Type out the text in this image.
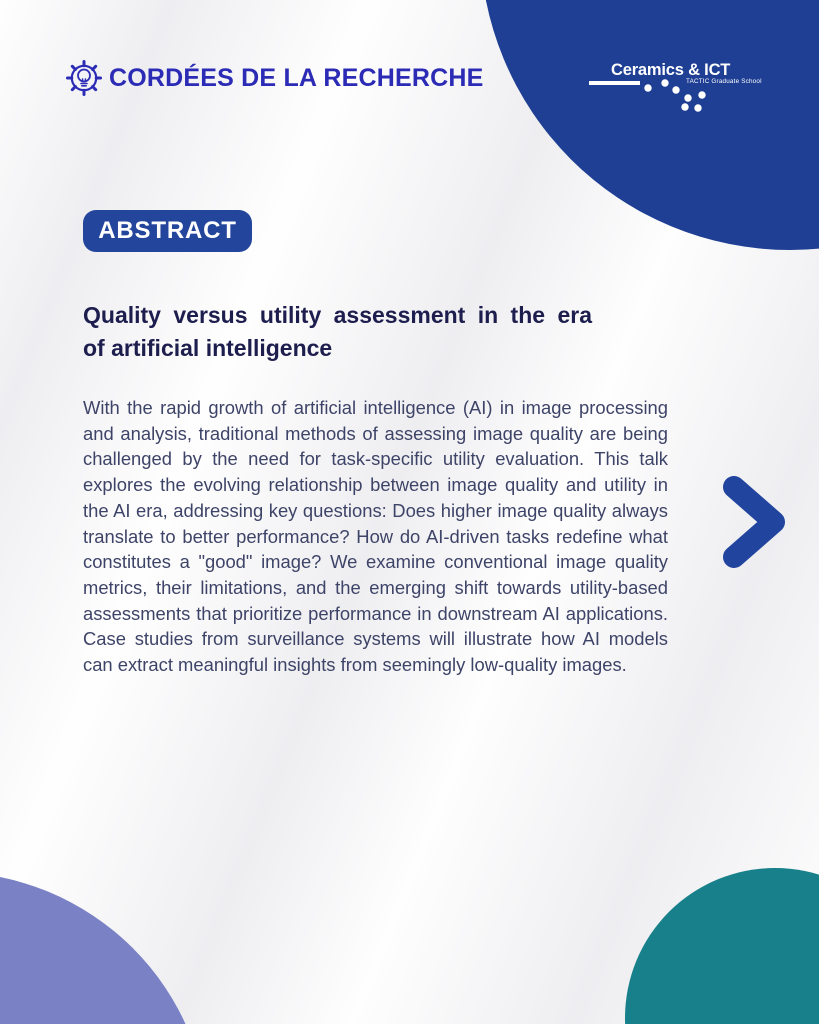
CORDÉES DE LA RECHERCHE	Ceramics & ICT
TACTIC Graduate School
ABSTRACT
Quality versus utility assessment in the era
of artificial intelligence

With the rapid growth of artificial intelligence (AI) in image processing and analysis, traditional methods of assessing image quality are being challenged by the need for task-specific utility evaluation. This talk explores the evolving relationship between image quality and utility in the AI era, addressing key questions: Does higher image quality always translate to better performance? How do AI-driven tasks redefine what constitutes a "good" image? We examine conventional image quality metrics, their limitations, and the emerging shift towards utility-based assessments that prioritize performance in downstream AI applications. Case studies from surveillance systems will illustrate how AI models can extract meaningful insights from seemingly low-quality images.
